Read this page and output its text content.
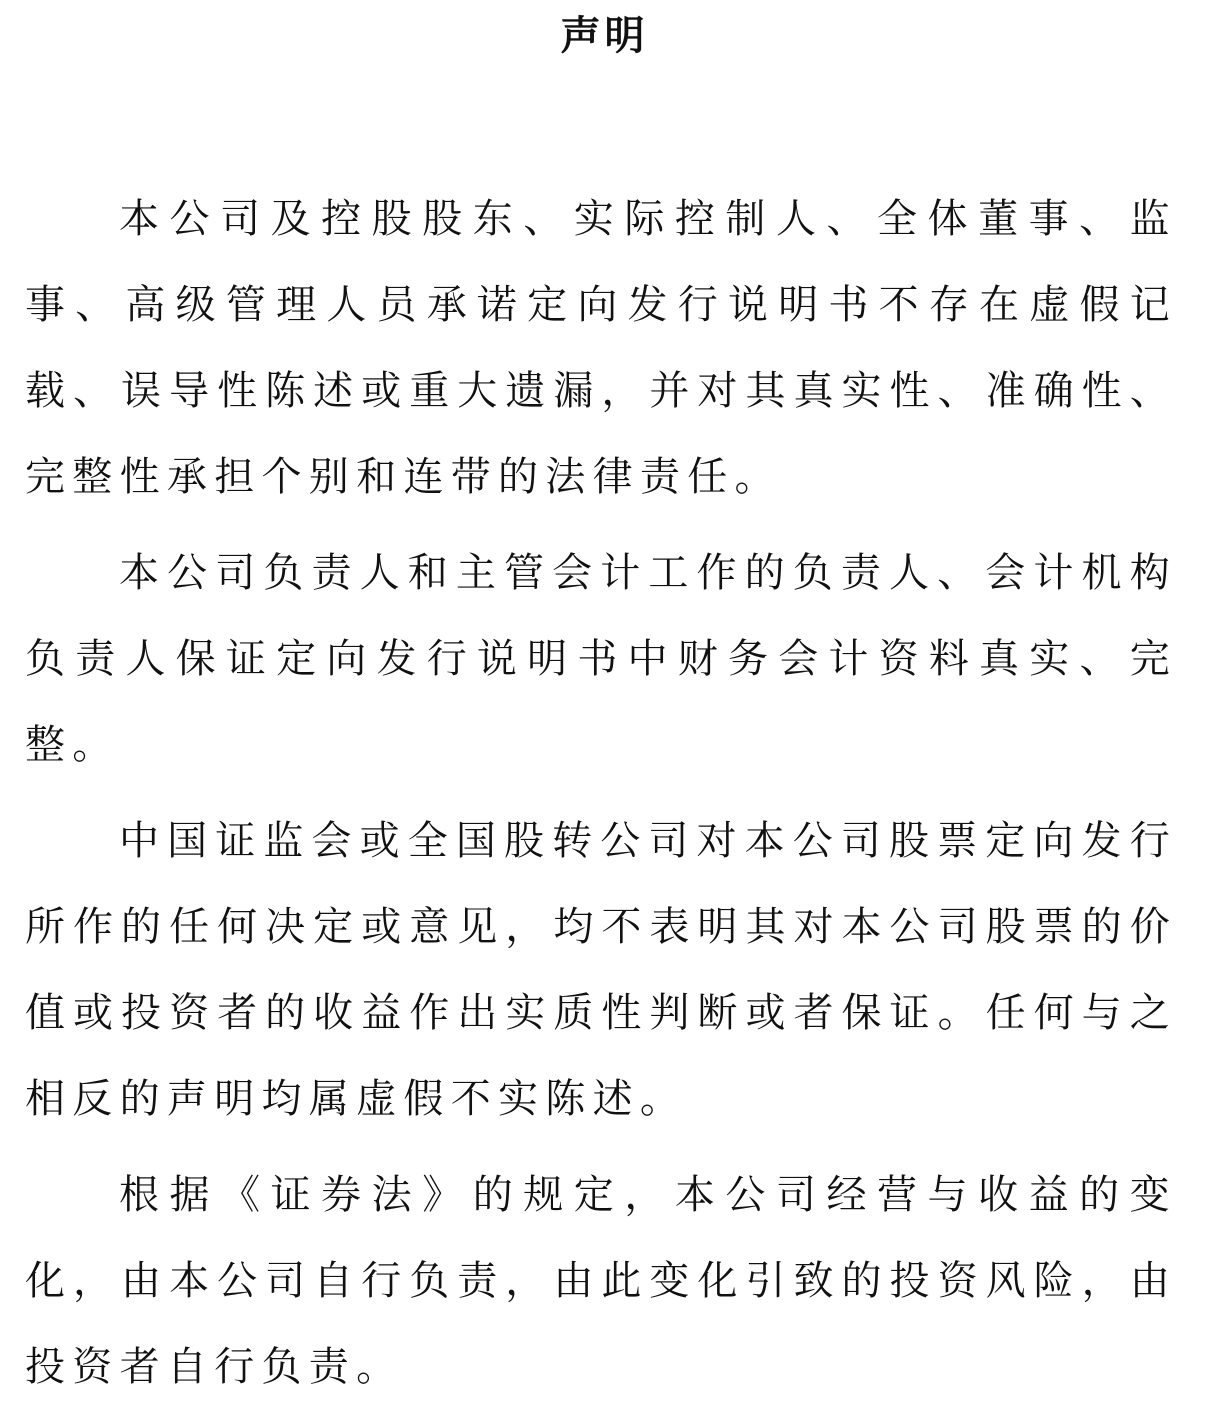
声明

本公司及控股股东、实际控制人、全体董事、监事、高级管理人员承诺定向发行说明书不存在虚假记载、误导性陈述或重大遗漏，并对其真实性、准确性、完整性承担个别和连带的法律责任。

本公司负责人和主管会计工作的负责人、会计机构负责人保证定向发行说明书中财务会计资料真实、完整。

中国证监会或全国股转公司对本公司股票定向发行所作的任何决定或意见，均不表明其对本公司股票的价值或投资者的收益作出实质性判断或者保证。任何与之相反的声明均属虚假不实陈述。

根据《证券法》的规定，本公司经营与收益的变化，由本公司自行负责，由此变化引致的投资风险，由投资者自行负责。
